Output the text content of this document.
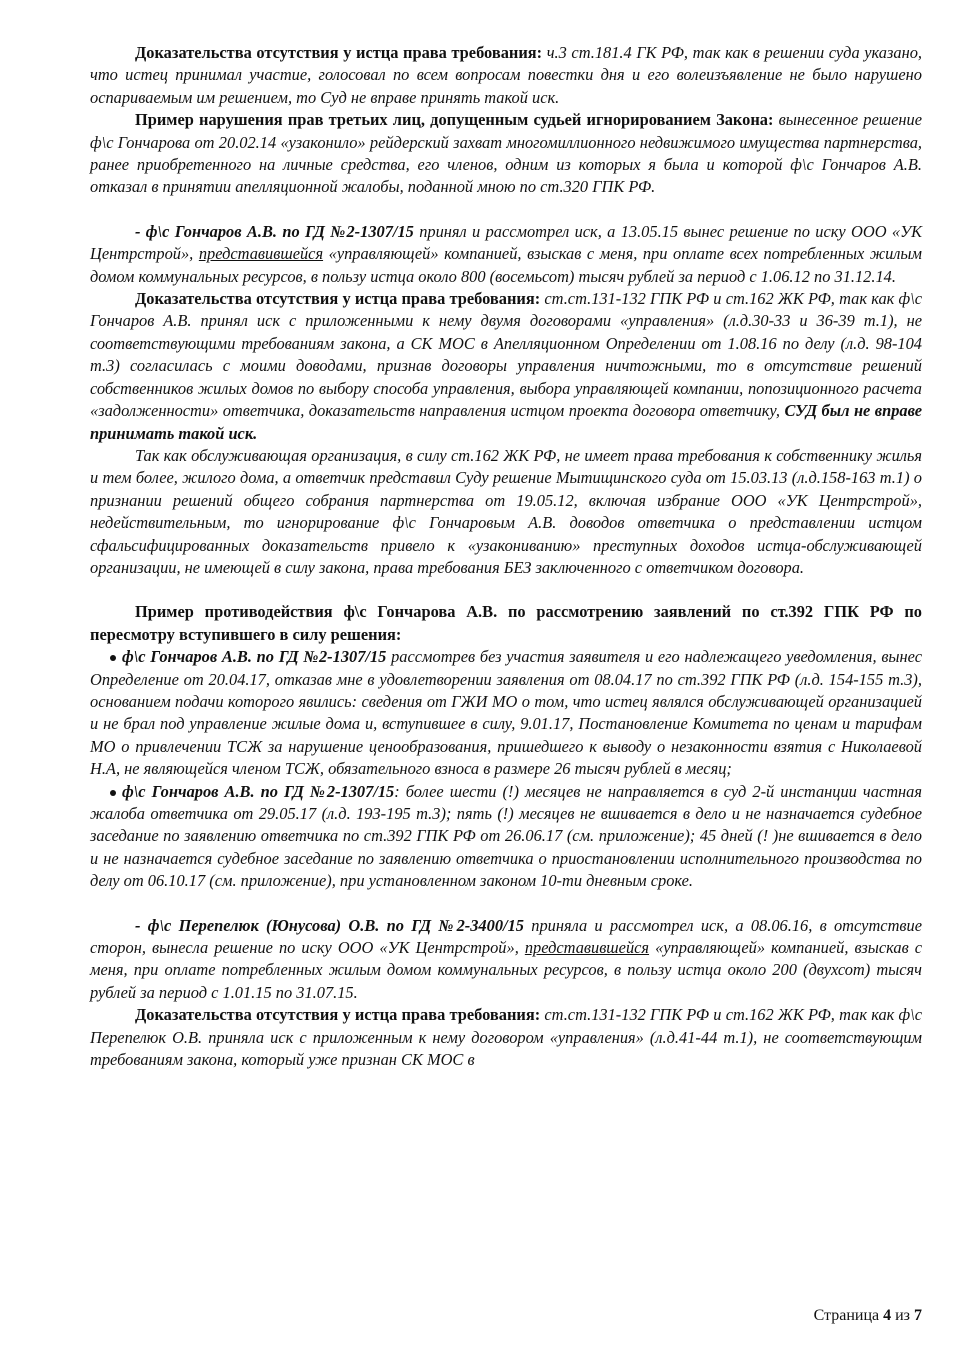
Доказательства отсутствия у истца права требования: ч.3 ст.181.4 ГК РФ, так как в решении суда указано, что истец принимал участие, голосовал по всем вопросам повестки дня и его волеизъявление не было нарушено оспариваемым им решением, то Суд не вправе принять такой иск.

Пример нарушения прав третьих лиц, допущенным судьей игнорированием Закона: вынесенное решение ф\с Гончарова от 20.02.14 «узаконило» рейдерский захват многомиллионного недвижимого имущества партнерства, ранее приобретенного на личные средства, его членов, одним из которых я была и которой ф\с Гончаров А.В. отказал в принятии апелляционной жалобы, поданной мною по ст.320 ГПК РФ.

- ф\с Гончаров А.В. по ГД №2-1307/15 принял и рассмотрел иск, а 13.05.15 вынес решение по иску ООО «УК Центрстрой», представившейся «управляющей» компанией, взыскав с меня, при оплате всех потребленных жилым домом коммунальных ресурсов, в пользу истца около 800 (восемьсот) тысяч рублей за период с 1.06.12 по 31.12.14.

Доказательства отсутствия у истца права требования: ст.ст.131-132 ГПК РФ и ст.162 ЖК РФ, так как ф\с Гончаров А.В. принял иск с приложенными к нему двумя договорами «управления» (л.д.30-33 и 36-39 т.1), не соответствующими требованиям закона, а СК МОС в Апелляционном Определении от 1.08.16 по делу (л.д. 98-104 т.3) согласилась с моими доводами, признав договоры управления ничтожными, то в отсутствие решений собственников жилых домов по выбору способа управления, выбора управляющей компании, попозиционного расчета «задолженности» ответчика, доказательств направления истцом проекта договора ответчику, СУД был не вправе принимать такой иск.

Так как обслуживающая организация, в силу ст.162 ЖК РФ, не имеет права требования к собственнику жилья и тем более, жилого дома, а ответчик представил Суду решение Мытищинского суда от 15.03.13 (л.д.158-163 т.1) о признании решений общего собрания партнерства от 19.05.12, включая избрание ООО «УК Центрстрой», недействительным, то игнорирование ф\с Гончаровым А.В. доводов ответчика о представлении истцом сфальсифицированных доказательств привело к «узакониванию» преступных доходов истца-обслуживающей организации, не имеющей в силу закона, права требования БЕЗ заключенного с ответчиком договора.

Пример противодействия ф\с Гончарова А.В. по рассмотрению заявлений по ст.392 ГПК РФ по пересмотру вступившего в силу решения:

ф\с Гончаров А.В. по ГД №2-1307/15 рассмотрев без участия заявителя и его надлежащего уведомления, вынес Определение от 20.04.17, отказав мне в удовлетворении заявления от 08.04.17 по ст.392 ГПК РФ (л.д. 154-155 т.3), основанием подачи которого явились: сведения от ГЖИ МО о том, что истец являлся обслуживающей организацией и не брал под управление жилые дома и, вступившее в силу, 9.01.17, Постановление Комитета по ценам и тарифам МО о привлечении ТСЖ за нарушение ценообразования, пришедшего к выводу о незаконности взятия с Николаевой Н.А, не являющейся членом ТСЖ, обязательного взноса в размере 26 тысяч рублей в месяц;

ф\с Гончаров А.В. по ГД №2-1307/15: более шести (!) месяцев не направляется в суд 2-й инстанции частная жалоба ответчика от 29.05.17 (л.д. 193-195 т.3); пять (!) месяцев не вшивается в дело и не назначается судебное заседание по заявлению ответчика по ст.392 ГПК РФ от 26.06.17 (см. приложение); 45 дней (! )не вшивается в дело и не назначается судебное заседание по заявлению ответчика о приостановлении исполнительного производства по делу от 06.10.17 (см. приложение), при установленном законом 10-ти дневным сроке.

- ф\с Перепелюк (Юнусова) О.В. по ГД №2-3400/15 приняла и рассмотрел иск, а 08.06.16, в отсутствие сторон, вынесла решение по иску ООО «УК Центрстрой», представившейся «управляющей» компанией, взыскав с меня, при оплате потребленных жилым домом коммунальных ресурсов, в пользу истца около 200 (двухсот) тысяч рублей за период с 1.01.15 по 31.07.15.

Доказательства отсутствия у истца права требования: ст.ст.131-132 ГПК РФ и ст.162 ЖК РФ, так как ф\с Перепелюк О.В. приняла иск с приложенным к нему договором «управления» (л.д.41-44 т.1), не соответствующим требованиям закона, который уже признан СК МОС в

Страница 4 из 7
